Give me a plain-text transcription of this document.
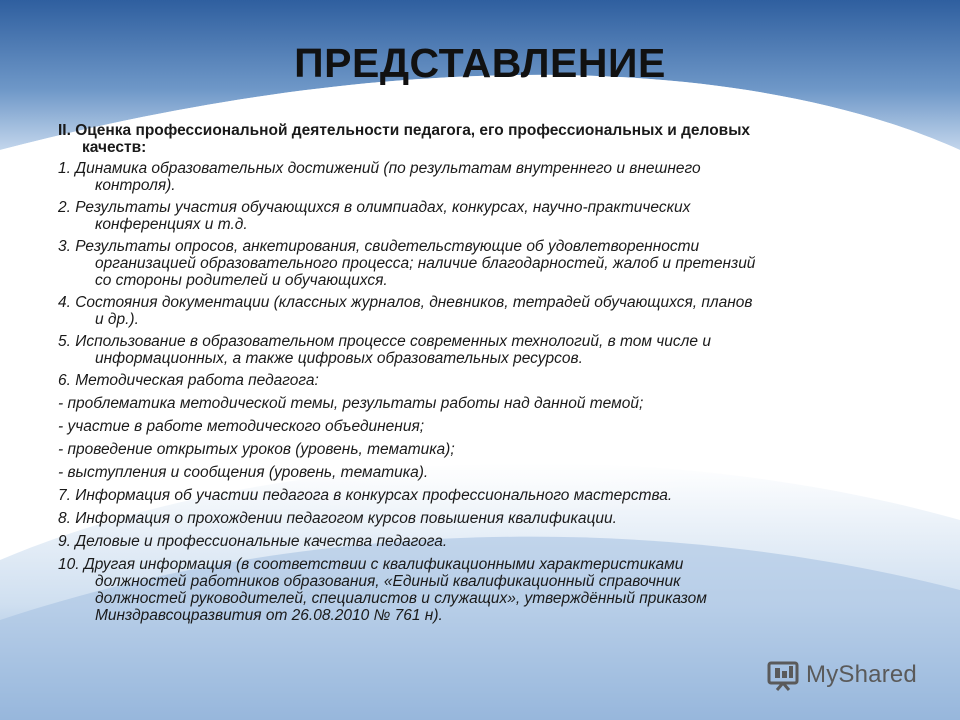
ПРЕДСТАВЛЕНИЕ
II. Оценка профессиональной деятельности педагога, его профессиональных и деловых
качеств:
1. Динамика образовательных достижений (по результатам внутреннего и внешнего
контроля).
2. Результаты участия обучающихся в олимпиадах, конкурсах, научно-практических
конференциях и т.д.
3. Результаты опросов, анкетирования, свидетельствующие об удовлетворенности
организацией образовательного процесса; наличие благодарностей, жалоб и претензий
со стороны родителей и обучающихся.
4. Состояния документации (классных журналов, дневников, тетрадей обучающихся, планов
и др.).
5. Использование в образовательном процессе современных технологий, в том числе и
информационных, а также цифровых образовательных ресурсов.
6. Методическая работа педагога:
- проблематика методической темы, результаты работы над данной темой;
- участие в работе методического объединения;
- проведение открытых уроков (уровень, тематика);
- выступления и сообщения (уровень, тематика).
7. Информация об участии педагога в конкурсах профессионального мастерства.
8. Информация о прохождении педагогом курсов повышения квалификации.
9. Деловые и профессиональные качества педагога.
10. Другая информация (в соответствии с квалификационными характеристиками
должностей работников образования, «Единый квалификационный справочник
должностей руководителей, специалистов и служащих», утверждённый приказом
Минздравсоцразвития от 26.08.2010 № 761 н).
MyShared
